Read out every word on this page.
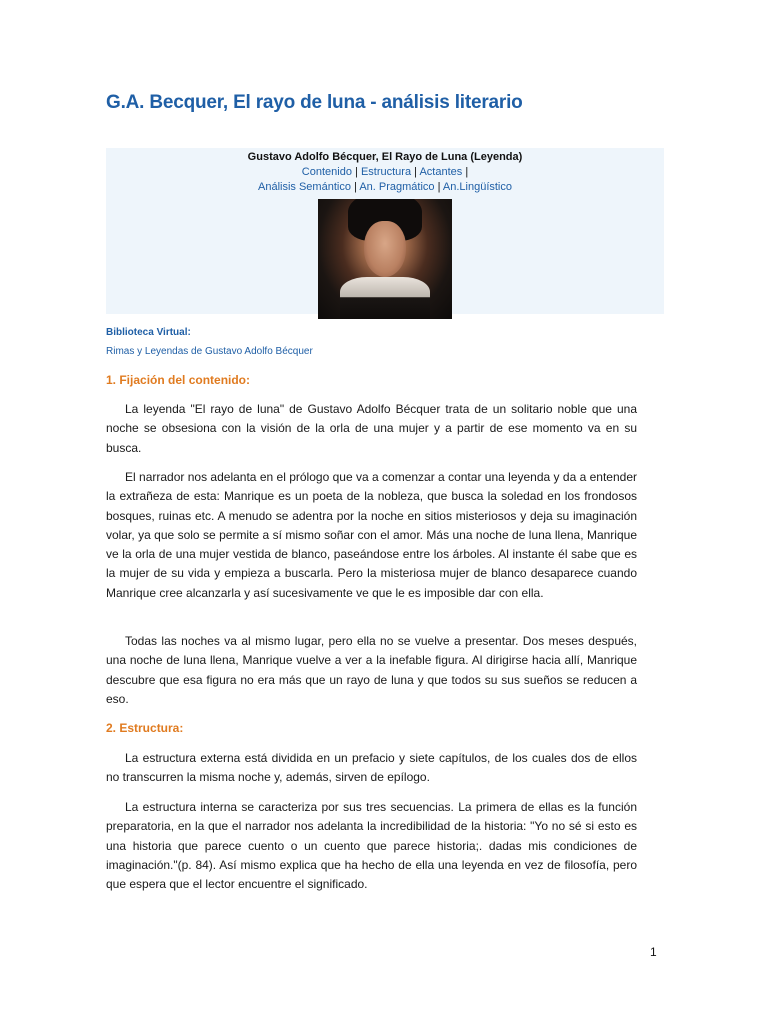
G.A. Becquer, El rayo de luna - análisis literario
Gustavo Adolfo Bécquer, El Rayo de Luna (Leyenda)
Contenido | Estructura | Actantes |
Análisis Semántico | An. Pragmático | An.Lingüístico
Biblioteca Virtual:
Rimas y Leyendas de Gustavo Adolfo Bécquer
1. Fijación del contenido:

La leyenda "El rayo de luna" de Gustavo Adolfo Bécquer trata de un solitario noble que una noche se obsesiona con la visión de la orla de una mujer y a partir de ese momento va en su busca.

El narrador nos adelanta en el prólogo que va a comenzar a contar una leyenda y da a entender la extrañeza de esta: Manrique es un poeta de la nobleza, que busca la soledad en los frondosos bosques, ruinas etc. A menudo se adentra por la noche en sitios misteriosos y deja su imaginación volar, ya que solo se permite a sí mismo soñar con el amor. Más una noche de luna llena, Manrique ve la orla de una mujer vestida de blanco, paseándose entre los árboles. Al instante él sabe que es la mujer de su vida y empieza a buscarla. Pero la misteriosa mujer de blanco desaparece cuando Manrique cree alcanzarla y así sucesivamente ve que le es imposible dar con ella.

Todas las noches va al mismo lugar, pero ella no se vuelve a presentar. Dos meses después, una noche de luna llena, Manrique vuelve a ver a la inefable figura. Al dirigirse hacia allí, Manrique descubre que esa figura no era más que un rayo de luna y que todos su sus sueños se reducen a eso.

2. Estructura:

La estructura externa está dividida en un prefacio y siete capítulos, de los cuales dos de ellos no transcurren la misma noche y, además, sirven de epílogo.

La estructura interna se caracteriza por sus tres secuencias. La primera de ellas es la función preparatoria, en la que el narrador nos adelanta la incredibilidad de la historia: "Yo no sé si esto es una historia que parece cuento o un cuento que parece historia;. dadas mis condiciones de imaginación."(p. 84). Así mismo explica que ha hecho de ella una leyenda en vez de filosofía, pero que espera que el lector encuentre el significado.

1
